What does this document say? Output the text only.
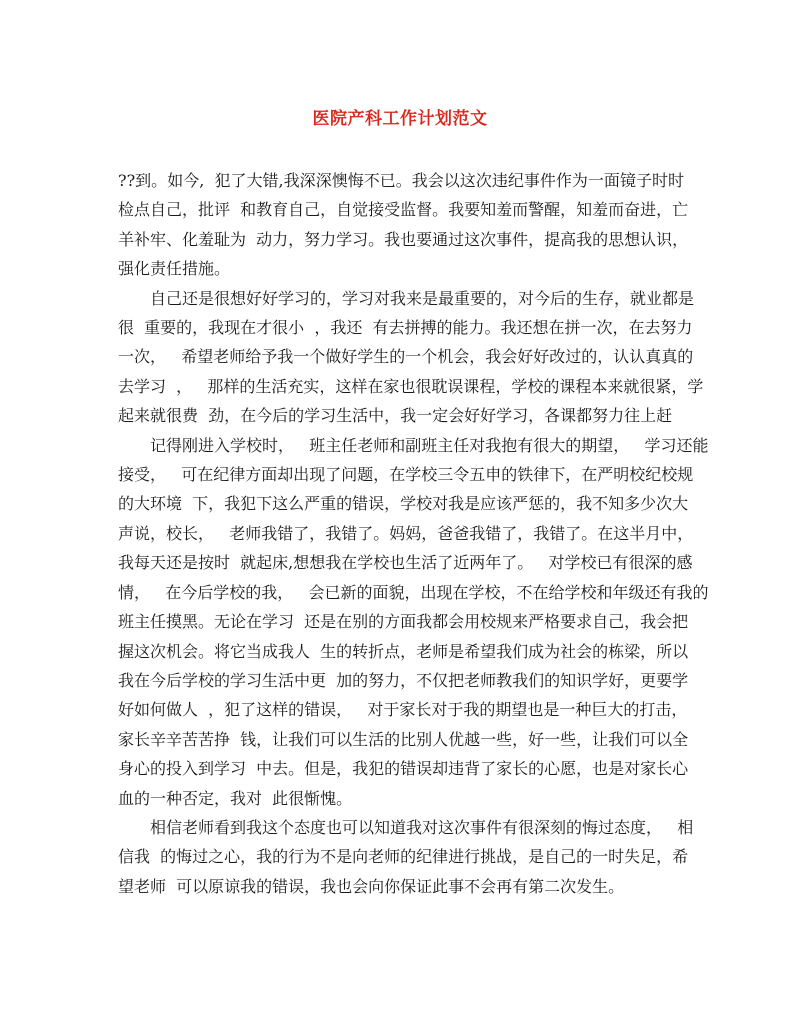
医院产科工作计划范文
??到。如今,  犯了大错,我深深懊悔不已。我会以这次违纪事件作为一面镜子时时
检点自己，批评  和教育自己，自觉接受监督。我要知羞而警醒，知羞而奋进，亡
羊补牢、化羞耻为  动力，努力学习。我也要通过这次事件，提高我的思想认识，
强化责任措施。
自己还是很想好好学习的，学习对我来是最重要的，对今后的生存，就业都是
很  重要的，我现在才很小  ，我还  有去拼搏的能力。我还想在拼一次，在去努力
一次，   希望老师给予我一个做好学生的一个机会，我会好好改过的，认认真真的
去学习  ，   那样的生活充实，这样在家也很耽误课程，学校的课程本来就很紧，学
起来就很费  劲，在今后的学习生活中，我一定会好好学习，各课都努力往上赶
记得刚进入学校时，   班主任老师和副班主任对我抱有很大的期望，   学习还能
接受，   可在纪律方面却出现了问题，在学校三令五申的铁律下，在严明校纪校规
的大环境  下，我犯下这么严重的错误，学校对我是应该严惩的，我不知多少次大
声说，校长，   老师我错了，我错了。妈妈，爸爸我错了，我错了。在这半月中，
我每天还是按时  就起床,想想我在学校也生活了近两年了。   对学校已有很深的感
情，   在今后学校的我，   会已新的面貌，出现在学校，不在给学校和年级还有我的
班主任摸黑。无论在学习  还是在别的方面我都会用校规来严格要求自己，我会把
握这次机会。将它当成我人  生的转折点，老师是希望我们成为社会的栋梁，所以
我在今后学校的学习生活中更  加的努力，不仅把老师教我们的知识学好，更要学
好如何做人  ，犯了这样的错误，   对于家长对于我的期望也是一种巨大的打击，
家长辛辛苦苦挣  钱，让我们可以生活的比别人优越一些，好一些，让我们可以全
身心的投入到学习  中去。但是，我犯的错误却违背了家长的心愿，也是对家长心
血的一种否定，我对  此很惭愧。
相信老师看到我这个态度也可以知道我对这次事件有很深刻的悔过态度，   相
信我  的悔过之心，我的行为不是向老师的纪律进行挑战，是自己的一时失足，希
望老师  可以原谅我的错误，我也会向你保证此事不会再有第二次发生。
